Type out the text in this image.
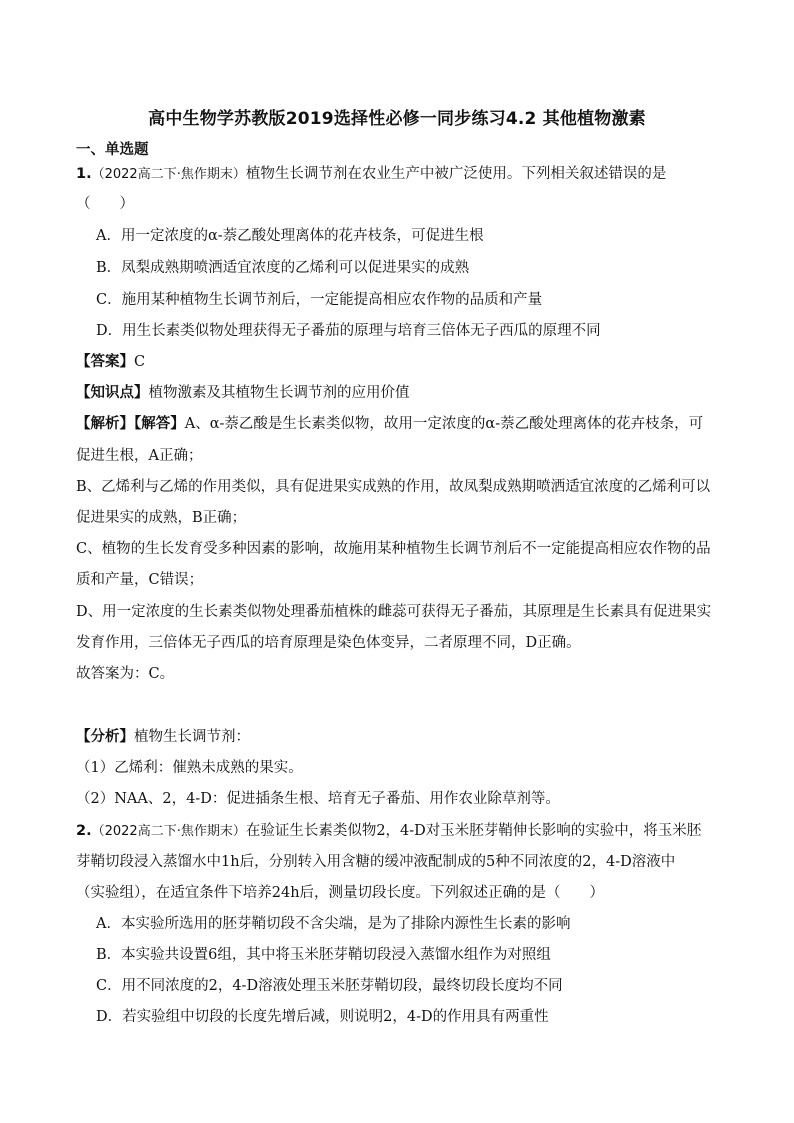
高中生物学苏教版2019选择性必修一同步练习4.2 其他植物激素
一、单选题
1.（2022高二下·焦作期末）植物生长调节剂在农业生产中被广泛使用。下列相关叙述错误的是
（　　）
A．用一定浓度的α-萘乙酸处理离体的花卉枝条，可促进生根
B．凤梨成熟期喷洒适宜浓度的乙烯利可以促进果实的成熟
C．施用某种植物生长调节剂后，一定能提高相应农作物的品质和产量
D．用生长素类似物处理获得无子番茄的原理与培育三倍体无子西瓜的原理不同
【答案】C
【知识点】植物激素及其植物生长调节剂的应用价值
【解析】【解答】A、α-萘乙酸是生长素类似物，故用一定浓度的α-萘乙酸处理离体的花卉枝条，可
促进生根，A正确；
B、乙烯利与乙烯的作用类似，具有促进果实成熟的作用，故凤梨成熟期喷洒适宜浓度的乙烯利可以
促进果实的成熟，B正确；
C、植物的生长发育受多种因素的影响，故施用某种植物生长调节剂后不一定能提高相应农作物的品
质和产量，C错误；
D、用一定浓度的生长素类似物处理番茄植株的雌蕊可获得无子番茄，其原理是生长素具有促进果实
发育作用，三倍体无子西瓜的培育原理是染色体变异，二者原理不同，D正确。
故答案为：C。
【分析】植物生长调节剂：
（1）乙烯利：催熟未成熟的果实。
（2）NAA、2，4-D：促进插条生根、培育无子番茄、用作农业除草剂等。
2.（2022高二下·焦作期末）在验证生长素类似物2，4-D对玉米胚芽鞘伸长影响的实验中，将玉米胚
芽鞘切段浸入蒸馏水中1h后，分别转入用含糖的缓冲液配制成的5种不同浓度的2，4-D溶液中
（实验组），在适宜条件下培养24h后，测量切段长度。下列叙述正确的是（　　）
A．本实验所选用的胚芽鞘切段不含尖端，是为了排除内源性生长素的影响
B．本实验共设置6组，其中将玉米胚芽鞘切段浸入蒸馏水组作为对照组
C．用不同浓度的2，4-D溶液处理玉米胚芽鞘切段，最终切段长度均不同
D．若实验组中切段的长度先增后减，则说明2，4-D的作用具有两重性
